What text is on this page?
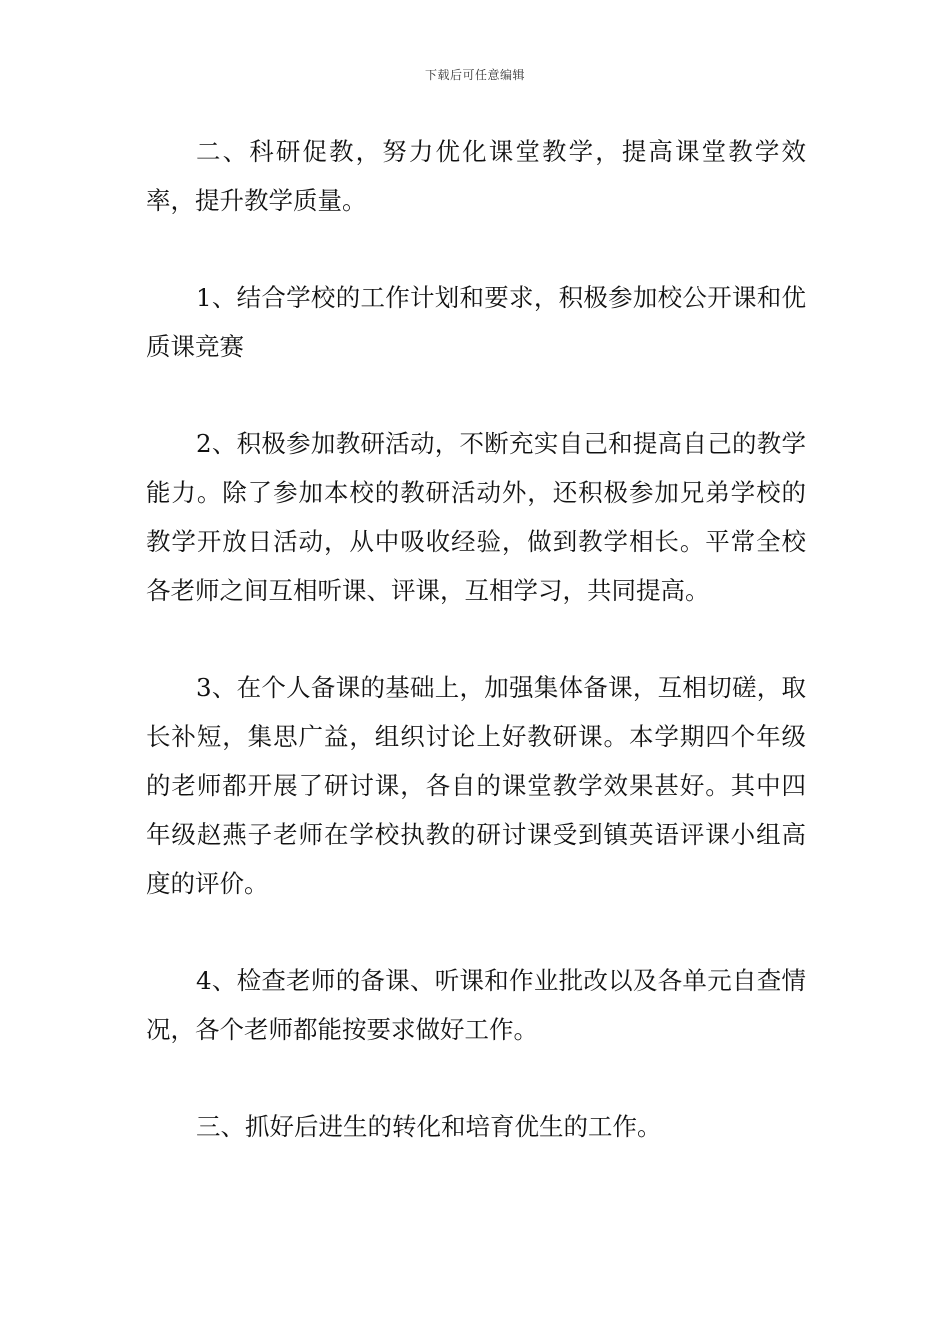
下载后可任意编辑

二、科研促教，努力优化课堂教学，提高课堂教学效率，提升教学质量。

1、结合学校的工作计划和要求，积极参加校公开课和优质课竞赛

2、积极参加教研活动，不断充实自己和提高自己的教学能力。除了参加本校的教研活动外，还积极参加兄弟学校的教学开放日活动，从中吸收经验，做到教学相长。平常全校各老师之间互相听课、评课，互相学习，共同提高。

3、在个人备课的基础上，加强集体备课，互相切磋，取长补短，集思广益，组织讨论上好教研课。本学期四个年级的老师都开展了研讨课，各自的课堂教学效果甚好。其中四年级赵燕子老师在学校执教的研讨课受到镇英语评课小组高度的评价。

4、检查老师的备课、听课和作业批改以及各单元自查情况，各个老师都能按要求做好工作。

三、抓好后进生的转化和培育优生的工作。
